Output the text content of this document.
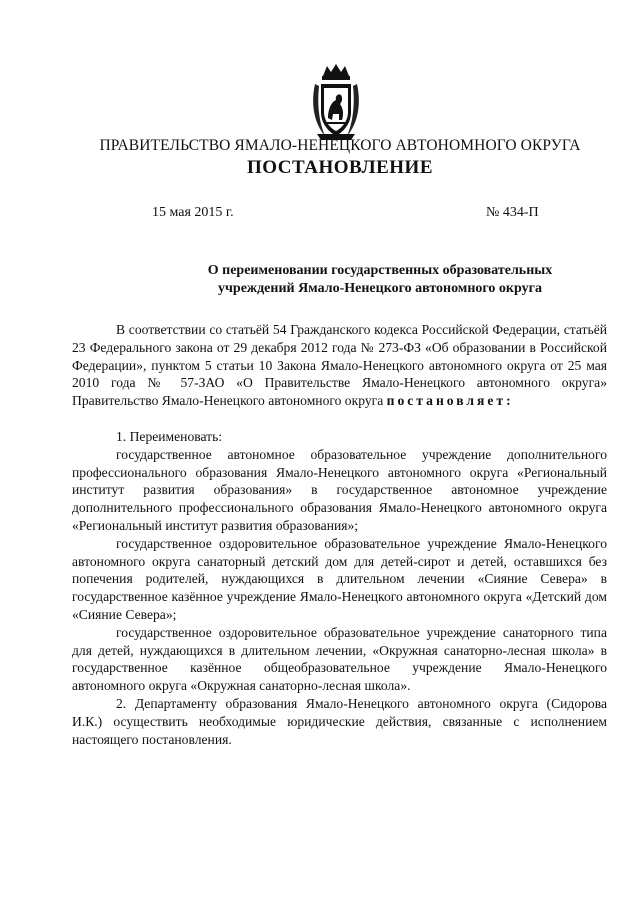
ПРАВИТЕЛЬСТВО ЯМАЛО-НЕНЕЦКОГО АВТОНОМНОГО ОКРУГА
ПОСТАНОВЛЕНИЕ
15 мая 2015 г.	№ 434-П
О переименовании государственных образовательных
учреждений Ямало-Ненецкого автономного округа

В соответствии со статьёй 54 Гражданского кодекса Российской Федерации, статьёй 23 Федерального закона от 29 декабря 2012 года № 273-ФЗ «Об образовании в Российской Федерации», пунктом 5 статьи 10 Закона Ямало-Ненецкого автономного округа от 25 мая 2010 года № 57-ЗАО «О Правительстве Ямало-Ненецкого автономного округа» Правительство Ямало-Ненецкого автономного округа постановляет:

1. Переименовать:

государственное автономное образовательное учреждение дополнительного профессионального образования Ямало-Ненецкого автономного округа «Региональный институт развития образования» в государственное автономное учреждение дополнительного профессионального образования Ямало-Ненецкого автономного округа «Региональный институт развития образования»;

государственное оздоровительное образовательное учреждение Ямало-Ненецкого автономного округа санаторный детский дом для детей-сирот и детей, оставшихся без попечения родителей, нуждающихся в длительном лечении «Сияние Севера» в государственное казённое учреждение Ямало-Ненецкого автономного округа «Детский дом «Сияние Севера»;

государственное оздоровительное образовательное учреждение санаторного типа для детей, нуждающихся в длительном лечении, «Окружная санаторно-лесная школа» в государственное казённое общеобразовательное учреждение Ямало-Ненецкого автономного округа «Окружная санаторно-лесная школа».

2. Департаменту образования Ямало-Ненецкого автономного округа (Сидорова И.К.) осуществить необходимые юридические действия, связанные с исполнением настоящего постановления.
